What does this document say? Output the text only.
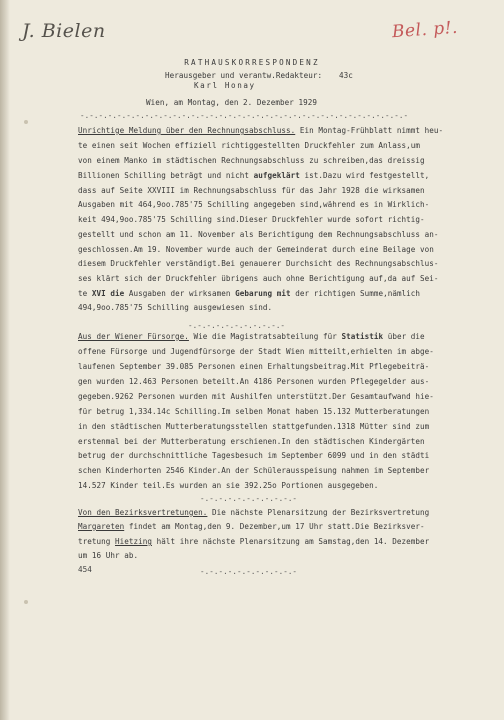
J. Bielen	Bel. p!.
RATHAUSKORRESPONDENZ
Herausgeber und verantw.Redakteur: 43c
Karl Honay
Wien, am Montag, den 2. Dezember 1929
-.-.-.-.-.-.-.-.-.-.-.-.-.-.-.-.-.-.-.-.-.-.-.-.-.-.-.-.-.-.-.-.-.-.-.-
Unrichtige Meldung über den Rechnungsabschluss. Ein Montag-Frühblatt nimmt heu-
te einen seit Wochen effiziell richtiggestellten Druckfehler zum Anlass,um
von einem Manko im städtischen Rechnungsabschluss zu schreiben,das dreissig
Billionen Schilling beträgt und nicht aufgeklärt ist.Dazu wird festgestellt,
dass auf Seite XXVIII im Rechnungsabschluss für das Jahr 1928 die wirksamen
Ausgaben mit 464,9oo.785'75 Schilling angegeben sind,während es in Wirklich-
keit 494,9oo.785'75 Schilling sind.Dieser Druckfehler wurde sofort richtig-
gestellt und schon am 11. November als Berichtigung dem Rechnungsabschluss an-
geschlossen.Am 19. November wurde auch der Gemeinderat durch eine Beilage von
diesem Druckfehler verständigt.Bei genauerer Durchsicht des Rechnungsabschlus-
ses klärt sich der Druckfehler übrigens auch ohne Berichtigung auf,da auf Sei-
te XVI die Ausgaben der wirksamen Gebarung mit der richtigen Summe,nämlich
494,9oo.785'75 Schilling ausgewiesen sind.
-.-.-.-.-.-.-.-.-.-.-
Aus der Wiener Fürsorge. Wie die Magistratsabteilung für Statistik über die
offene Fürsorge und Jugendfürsorge der Stadt Wien mitteilt,erhielten im abge-
laufenen September 39.085 Personen einen Erhaltungsbeitrag.Mit Pflegebeiträ-
gen wurden 12.463 Personen beteilt.An 4186 Personen wurden Pflegegelder aus-
gegeben.9262 Personen wurden mit Aushilfen unterstützt.Der Gesamtaufwand hie-
für betrug 1,334.14c Schilling.Im selben Monat haben 15.132 Mutterberatungen
in den städtischen Mutterberatungsstellen stattgefunden.1318 Mütter sind zum
erstenmal bei der Mutterberatung erschienen.In den städtischen Kindergärten
betrug der durchschnittliche Tagesbesuch im September 6099 und in den städti
schen Kinderhorten 2546 Kinder.An der Schülerausspeisung nahmen im September
14.527 Kinder teil.Es wurden an sie 392.25o Portionen ausgegeben.
-.-.-.-.-.-.-.-.-.-.-
Von den Bezirksvertretungen. Die nächste Plenarsitzung der Bezirksvertretung
Margareten findet am Montag,den 9. Dezember,um 17 Uhr statt.Die Bezirksver-
tretung Hietzing hält ihre nächste Plenarsitzung am Samstag,den 14. Dezember
um 16 Uhr ab.
454	-.-.-.-.-.-.-.-.-.-.-
